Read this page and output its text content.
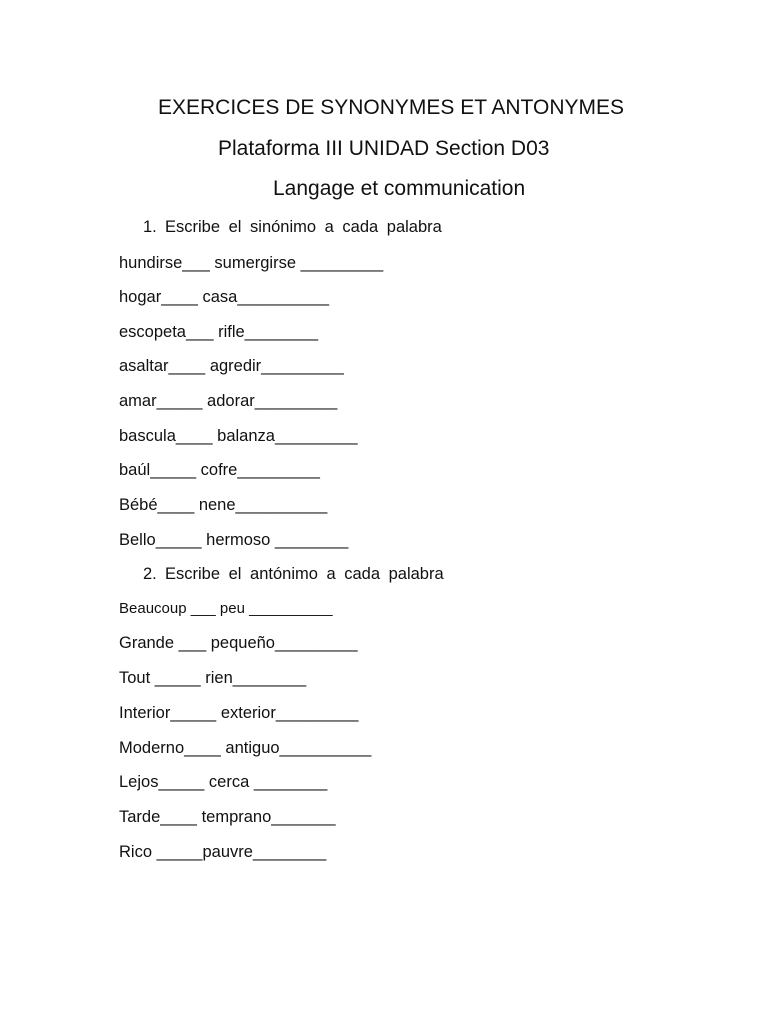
EXERCICES DE SYNONYMES ET ANTONYMES
Plataforma III UNIDAD Section D03
Langage et communication
1. Escribe el sinónimo a cada palabra
hundirse___ sumergirse _________
hogar____ casa__________
escopeta___ rifle________
asaltar____ agredir_________
amar_____ adorar_________
bascula____ balanza_________
baúl_____ cofre_________
Bébé____ nene__________
Bello_____ hermoso ________
2. Escribe el antónimo a cada palabra
Beaucoup ___ peu __________
Grande ___ pequeño_________
Tout _____ rien________
Interior_____ exterior_________
Moderno____ antiguo__________
Lejos_____ cerca ________
Tarde____ temprano_______
Rico _____pauvre________
